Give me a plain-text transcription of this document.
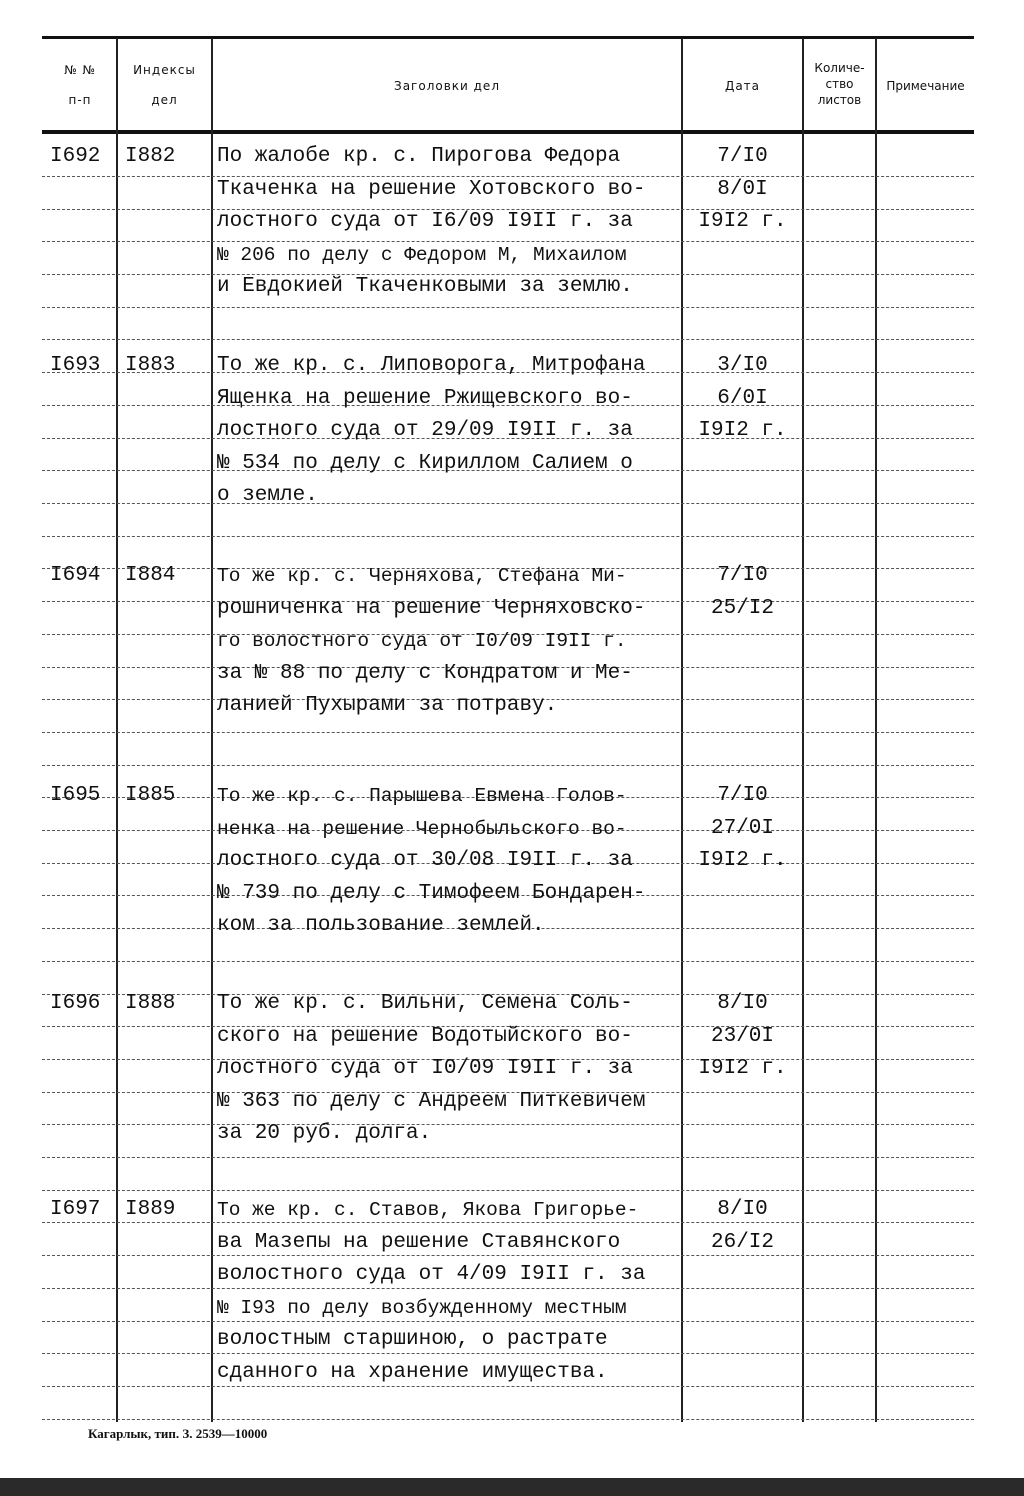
№ №
п-п
Индексы
дел
Заголовки дел	Дата
Количе-
ство
листов
Примечание
I692 I882 По жалобе кр. с. Пирогова Федора
Ткаченка на решение Хотовского во-
лостного суда от I6/09 I9II г. за
№ 206 по делу с Федором М, Михаилом
и Евдокией Ткаченковыми за землю.
7/I0
8/0I
I9I2 г.
I693 I883 То же кр. с. Липоворога, Митрофана
Ященка на решение Ржищевского во-
лостного суда от 29/09 I9II г. за
№ 534 по делу с Кириллом Салием о
о земле.
3/I0
6/0I
I9I2 г.
I694 I884 То же кр. с. Черняхова, Стефана Ми-
рошниченка на решение Черняховско-
го волостного суда от I0/09 I9II г.
за № 88 по делу с Кондратом и Ме-
ланией Пухырами за потраву.
7/I0
25/I2
I695 I885 То же кр. с. Парышева Евмена Голов-
ненка на решение Чернобыльского во-
лостного суда от 30/08 I9II г. за
№ 739 по делу с Тимофеем Бондарен-
ком за пользование землей.
7/I0
27/0I
I9I2 г.
I696 I888 То же кр. с. Вильни, Семена Соль-
ского на решение Водотыйского во-
лостного суда от I0/09 I9II г. за
№ 363 по делу с Андреем Питкевичем
за 20 руб. долга.
8/I0
23/0I
I9I2 г.
I697 I889 То же кр. с. Ставов, Якова Григорье-
ва Мазепы на решение Ставянского
волостного суда от 4/09 I9II г. за
№ I93 по делу возбужденному местным
волостным старшиною, о растрате
сданного на хранение имущества.
8/I0
26/I2
Кагарлык, тип. З. 2539—10000
